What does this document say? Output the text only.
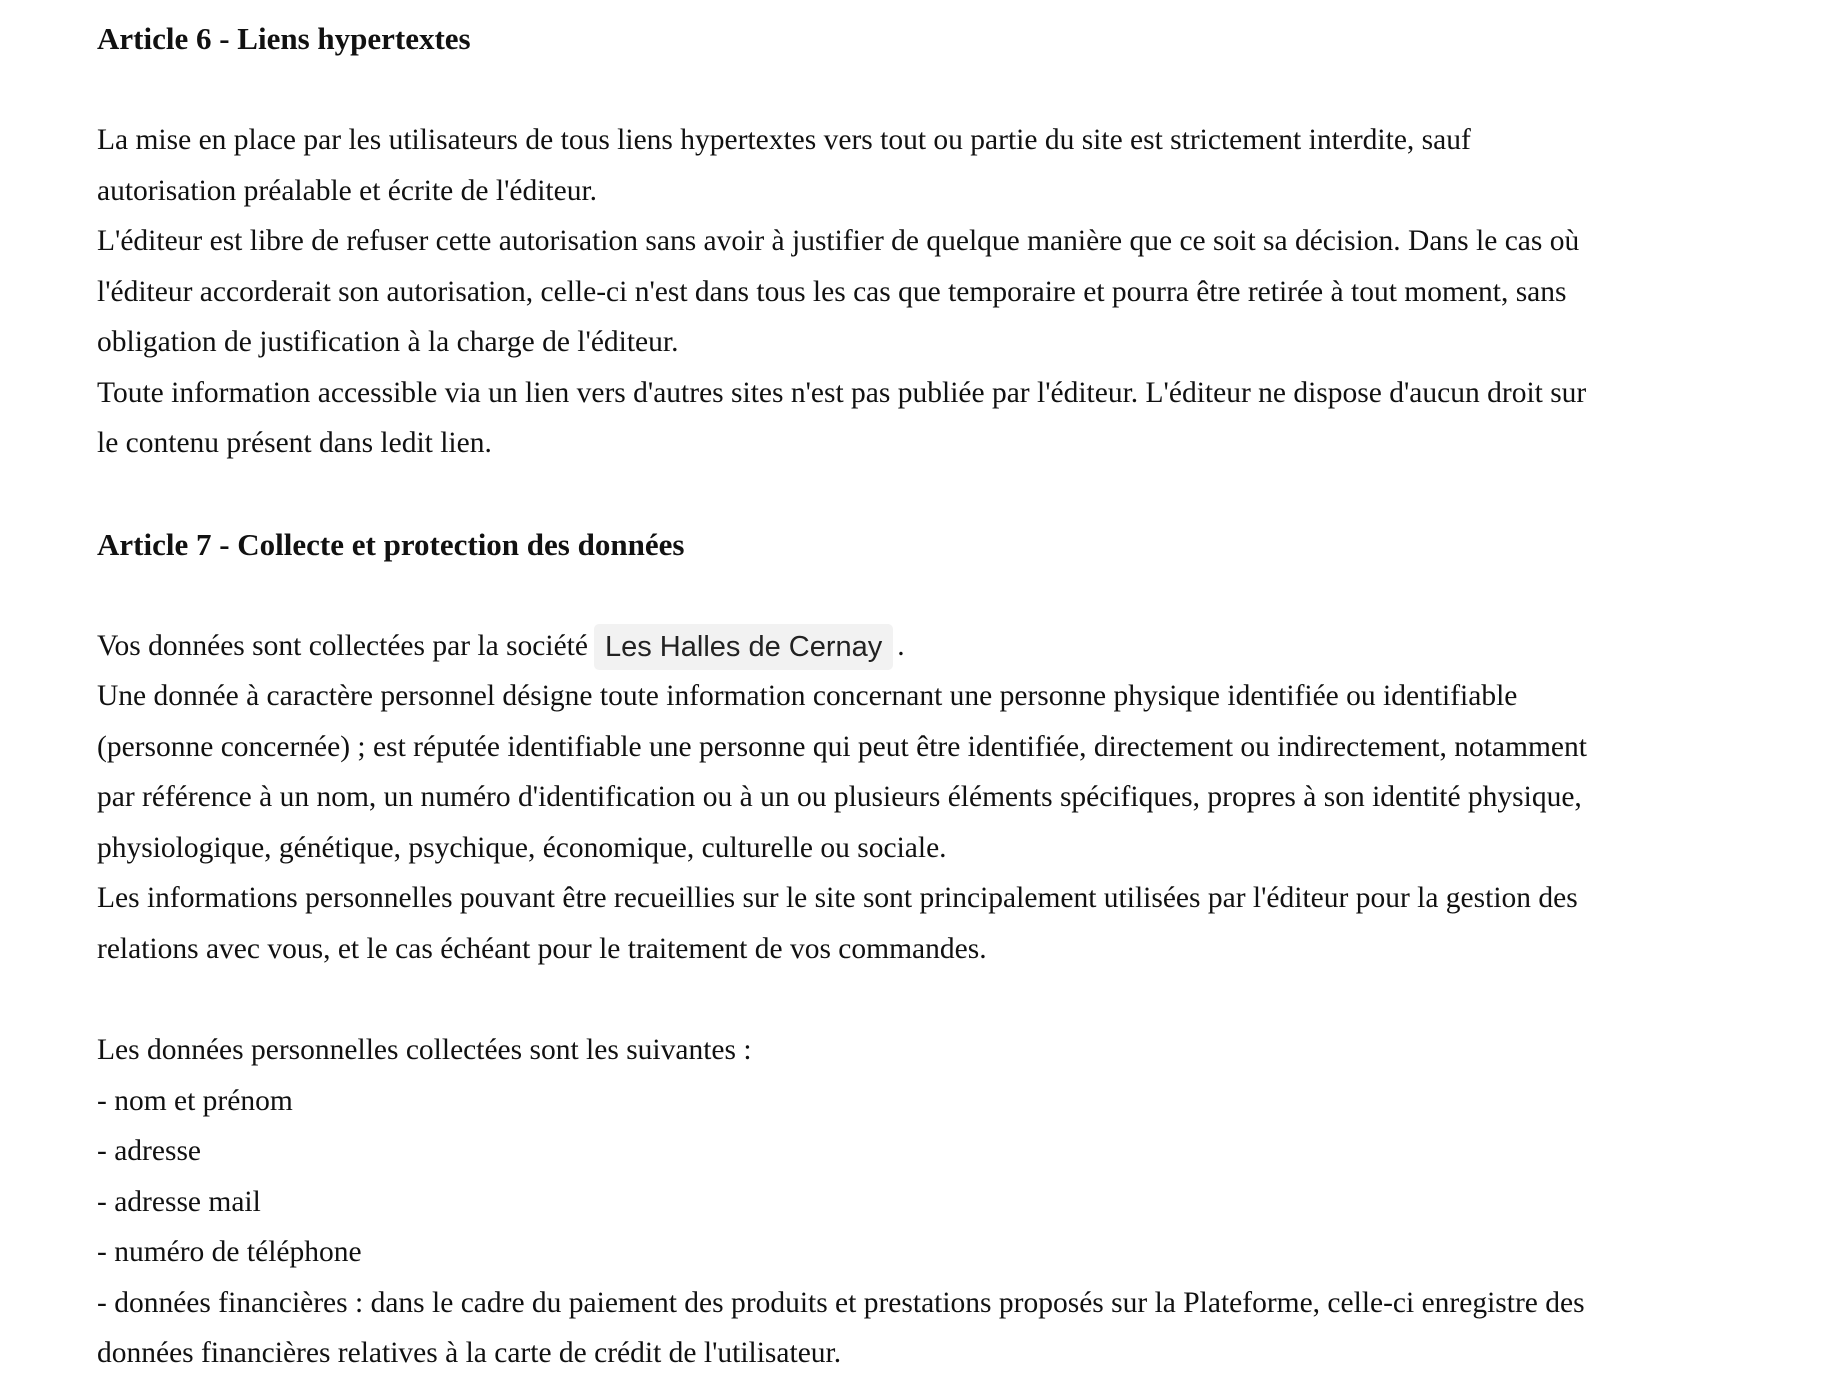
Article 6 - Liens hypertextes

La mise en place par les utilisateurs de tous liens hypertextes vers tout ou partie du site est strictement interdite, sauf

autorisation préalable et écrite de l'éditeur.

L'éditeur est libre de refuser cette autorisation sans avoir à justifier de quelque manière que ce soit sa décision. Dans le cas où

l'éditeur accorderait son autorisation, celle-ci n'est dans tous les cas que temporaire et pourra être retirée à tout moment, sans

obligation de justification à la charge de l'éditeur.

Toute information accessible via un lien vers d'autres sites n'est pas publiée par l'éditeur. L'éditeur ne dispose d'aucun droit sur

le contenu présent dans ledit lien.

Article 7 - Collecte et protection des données

Vos données sont collectées par la société Les Halles de Cernay .

Une donnée à caractère personnel désigne toute information concernant une personne physique identifiée ou identifiable

(personne concernée) ; est réputée identifiable une personne qui peut être identifiée, directement ou indirectement, notamment

par référence à un nom, un numéro d'identification ou à un ou plusieurs éléments spécifiques, propres à son identité physique,

physiologique, génétique, psychique, économique, culturelle ou sociale.

Les informations personnelles pouvant être recueillies sur le site sont principalement utilisées par l'éditeur pour la gestion des

relations avec vous, et le cas échéant pour le traitement de vos commandes.

Les données personnelles collectées sont les suivantes :

- nom et prénom

- adresse

- adresse mail

- numéro de téléphone

- données financières : dans le cadre du paiement des produits et prestations proposés sur la Plateforme, celle-ci enregistre des

données financières relatives à la carte de crédit de l'utilisateur.
